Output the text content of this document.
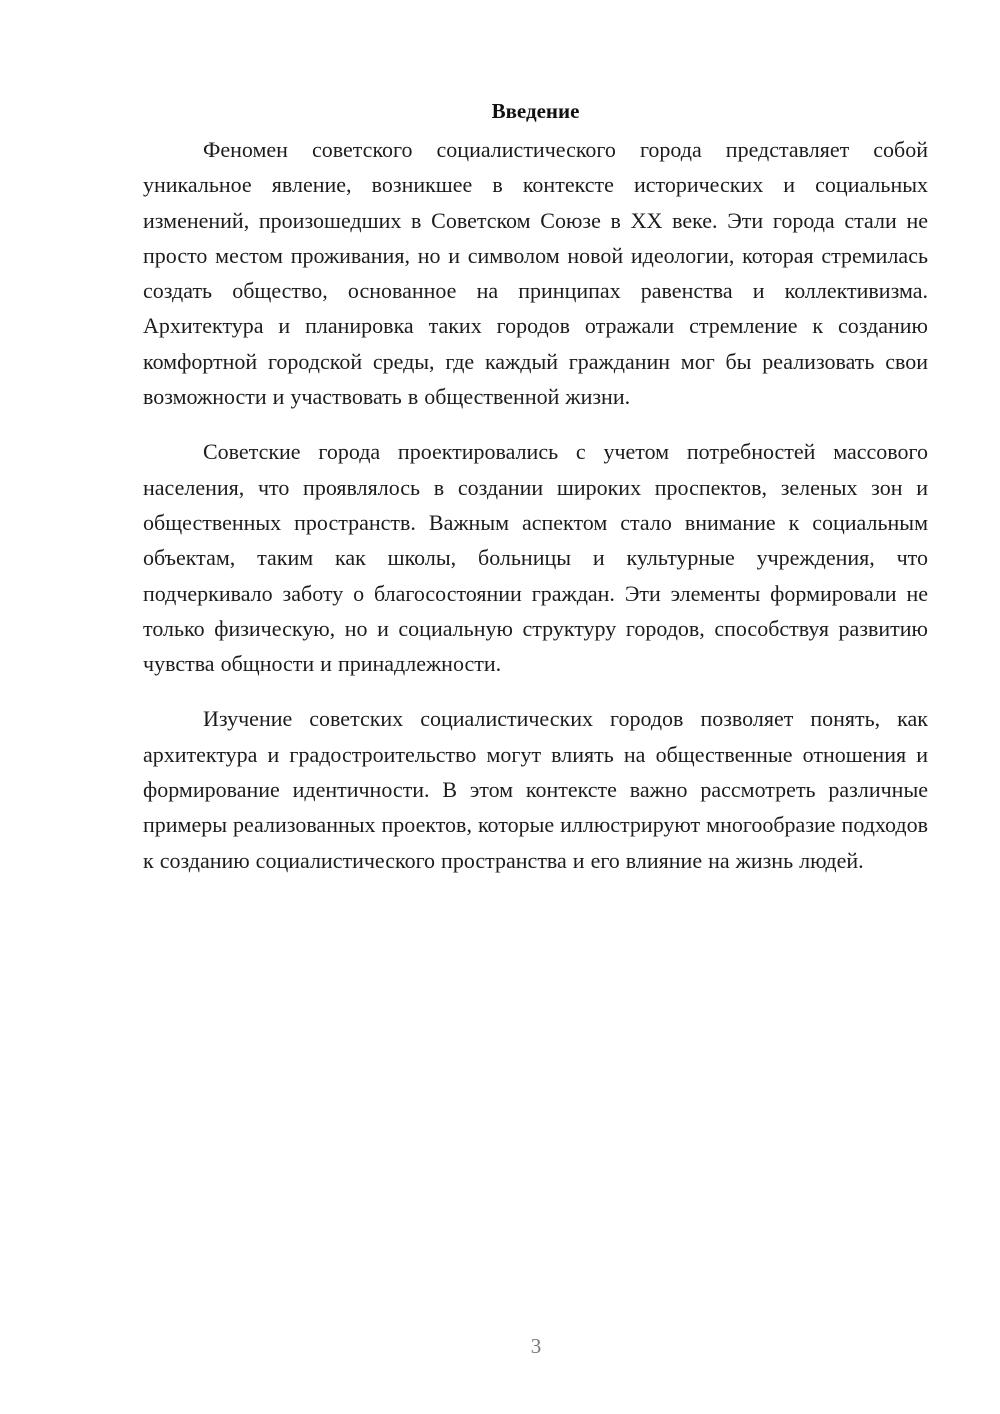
Введение

Феномен советского социалистического города представляет собой уникальное явление, возникшее в контексте исторических и социальных изменений, произошедших в Советском Союзе в XX веке. Эти города стали не просто местом проживания, но и символом новой идеологии, которая стремилась создать общество, основанное на принципах равенства и коллективизма. Архитектура и планировка таких городов отражали стремление к созданию комфортной городской среды, где каждый гражданин мог бы реализовать свои возможности и участвовать в общественной жизни.

Советские города проектировались с учетом потребностей массового населения, что проявлялось в создании широких проспектов, зеленых зон и общественных пространств. Важным аспектом стало внимание к социальным объектам, таким как школы, больницы и культурные учреждения, что подчеркивало заботу о благосостоянии граждан. Эти элементы формировали не только физическую, но и социальную структуру городов, способствуя развитию чувства общности и принадлежности.

Изучение советских социалистических городов позволяет понять, как архитектура и градостроительство могут влиять на общественные отношения и формирование идентичности. В этом контексте важно рассмотреть различные примеры реализованных проектов, которые иллюстрируют многообразие подходов к созданию социалистического пространства и его влияние на жизнь людей.

3
